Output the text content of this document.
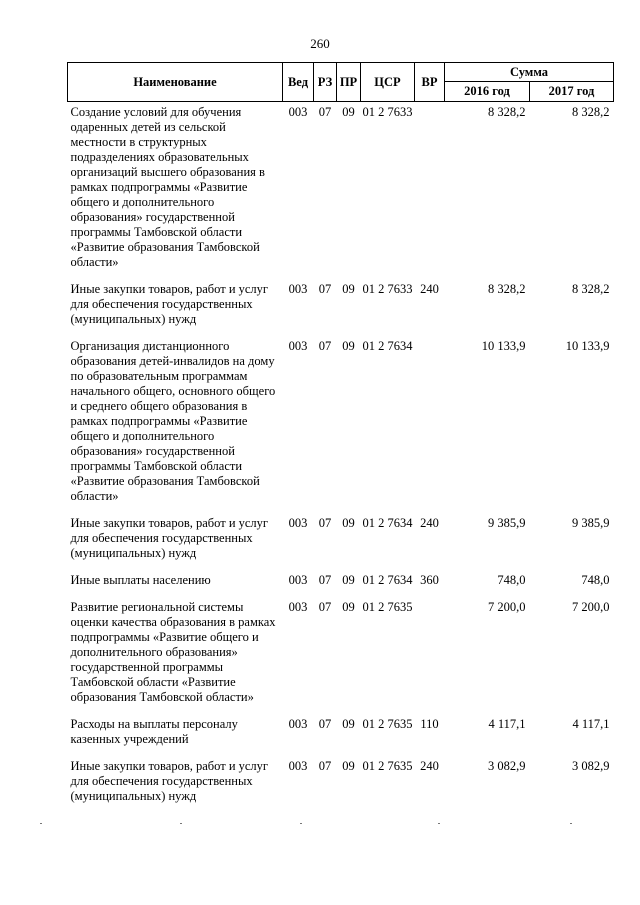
260
Наименование	Вед	РЗ	ПР	ЦСР	ВР	Сумма	
						2016 год	2017 год
Создание условий для обучения одаренных детей из сельской местности в структурных подразделениях образовательных организаций высшего образования в рамках подпрограммы «Развитие общего и дополнительного образования» государственной программы Тамбовской области «Развитие образования Тамбовской области»	003	07	09	01 2 7633		8 328,2	8 328,2
Иные закупки товаров, работ и услуг для обеспечения государственных (муниципальных) нужд	003	07	09	01 2 7633	240	8 328,2	8 328,2
Организация дистанционного образования детей-инвалидов на дому по образовательным программам начального общего, основного общего и среднего общего образования в рамках подпрограммы «Развитие общего и дополнительного образования» государственной программы Тамбовской области «Развитие образования Тамбовской области»	003	07	09	01 2 7634		10 133,9	10 133,9
Иные закупки товаров, работ и услуг для обеспечения государственных (муниципальных) нужд	003	07	09	01 2 7634	240	9 385,9	9 385,9
Иные выплаты населению	003	07	09	01 2 7634	360	748,0	748,0
Развитие региональной системы оценки качества образования в рамках подпрограммы «Развитие общего и дополнительного образования» государственной программы Тамбовской области «Развитие образования Тамбовской области»	003	07	09	01 2 7635		7 200,0	7 200,0
Расходы на выплаты персоналу казенных учреждений	003	07	09	01 2 7635	110	4 117,1	4 117,1
Иные закупки товаров, работ и услуг для обеспечения государственных (муниципальных) нужд	003	07	09	01 2 7635	240	3 082,9	3 082,9
